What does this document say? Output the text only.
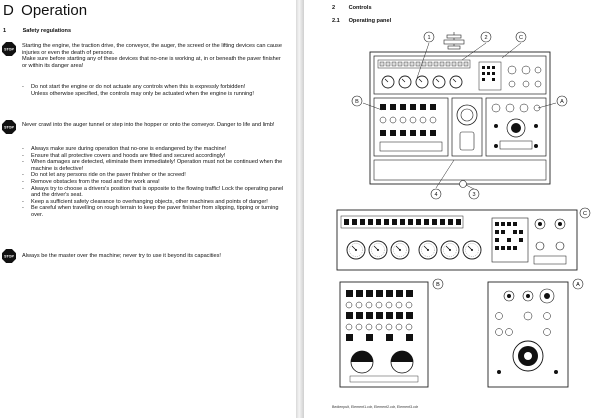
D Operation
1	Safety regulations
STOP

Starting the engine, the traction drive, the conveyor, the auger, the screed or the lifting devices can cause injuries or even the death of persons.

Make sure before starting any of these devices that no-one is working at, in or beneath the paver finisher or within its danger area!

- Do not start the engine or do not actuate any controls when this is expressly forbidden!

Unless otherwise specified, the controls may only be actuated when the engine is running!

STOP Never crawl into the auger tunnel or step into the hopper or onto the conveyor. Danger to life and limb!

- Always make sure during operation that no-one is endangered by the machine!

- Ensure that all protective covers and hoods are fitted and secured accordingly!

- When damages are detected, eliminate them immediately! Operation must not be continued when the machine is defective!

- Do not let any persons ride on the paver finisher or the screed!

- Remove obstacles from the road and the work area!

- Always try to choose a drivers's position that is opposite to the flowing traffic! Lock the operating panel and the driver's seat.

- Keep a sufficient safety clearance to overhanging objects, other machines and points of danger!

- Be careful when travelling on rough terrain to keep the paver finisher from slipping, tipping or turning over.

STOP Always be the master over the machine; never try to use it beyond its capacities!

2 Controls
2.1 Operating panel
1	2	C
B	A
4	3
C
B	A
Bedienpult, Element1.cdr, Element2.cdr, Element3.cdr
